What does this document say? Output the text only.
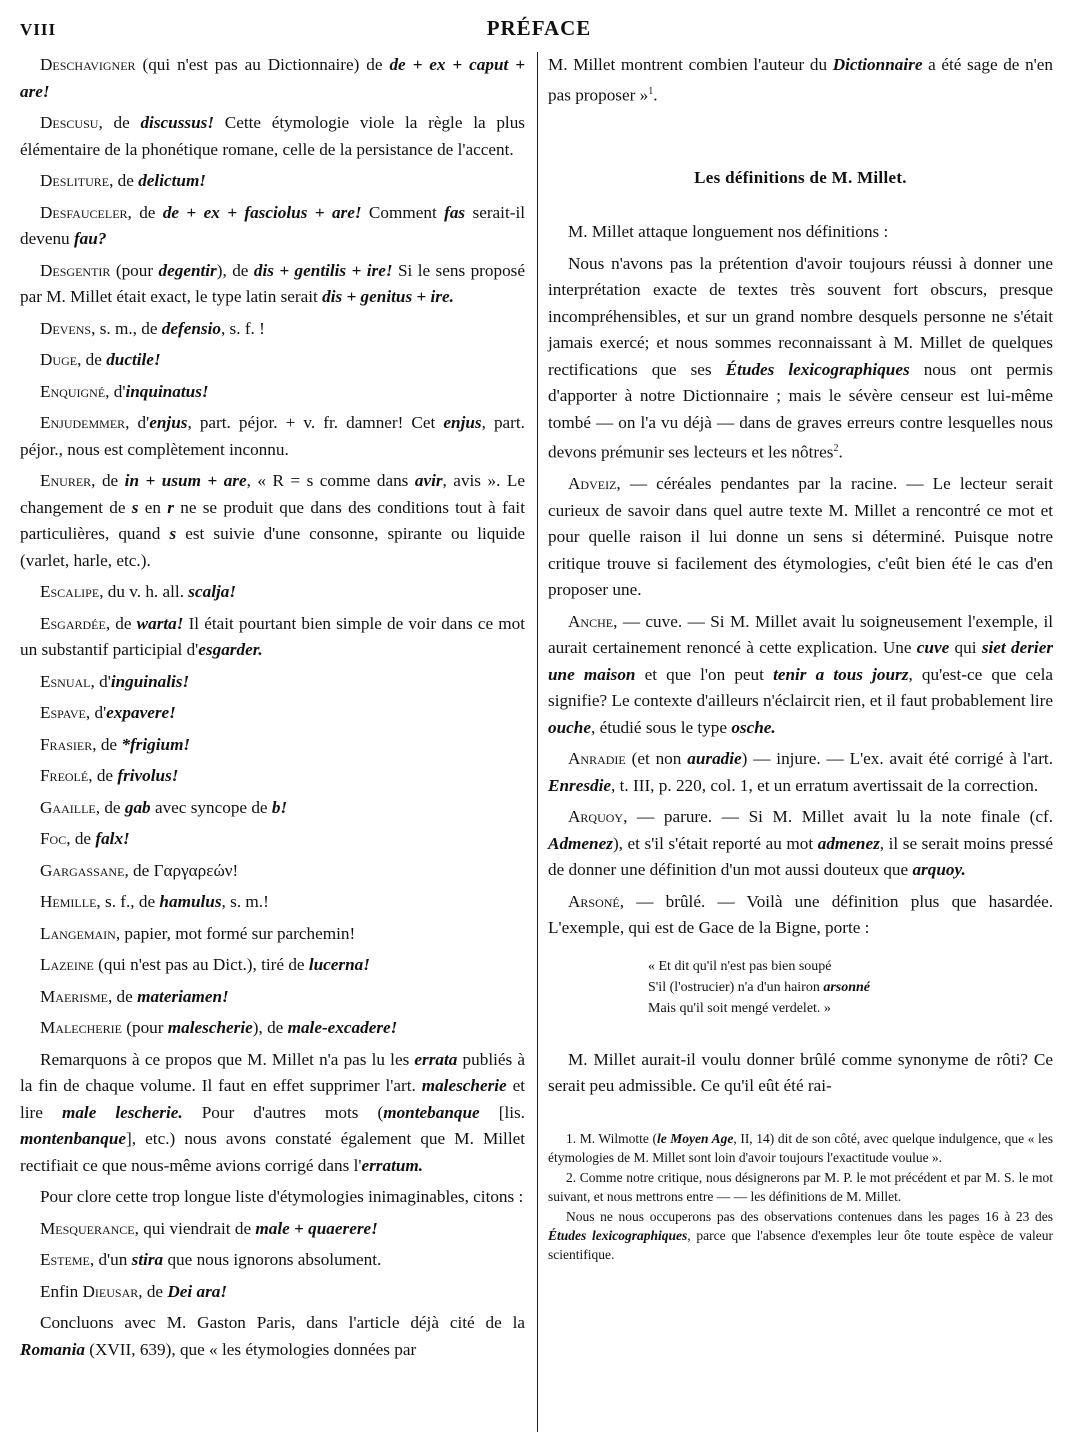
VIII	PRÉFACE

Deschavigner (qui n'est pas au Dictionnaire) de de + ex + caput + are!

Descusu, de discussus! Cette étymologie viole la règle la plus élémentaire de la phonétique romane, celle de la persistance de l'accent.

Desliture, de delictum!

Desfauceler, de de + ex + fasciolus + are! Comment fas serait-il devenu fau?

Desgentir (pour degentir), de dis + gentilis + ire! Si le sens proposé par M. Millet était exact, le type latin serait dis + genitus + ire.

Devens, s. m., de defensio, s. f. !

Duge, de ductile!

Enquigné, d'inquinatus!

Enjudemmer, d'enjus, part. péjor. + v. fr. damner! Cet enjus, part. péjor., nous est complètement inconnu.

Enurer, de in + usum + are, « R = s comme dans avir, avis ». Le changement de s en r ne se produit que dans des conditions tout à fait particulières, quand s est suivie d'une consonne, spirante ou liquide (varlet, harle, etc.).

Escalipe, du v. h. all. scalja!

Esgardée, de warta! Il était pourtant bien simple de voir dans ce mot un substantif participial d'esgarder.

Esnual, d'inguinalis!

Espave, d'expavere!

Frasier, de *frigium!

Freolé, de frivolus!

Gaaille, de gab avec syncope de b!

Foc, de falx!

Gargassane, de Γαργαρεών!

Hemille, s. f., de hamulus, s. m.!

Langemain, papier, mot formé sur parchemin!

Lazeine (qui n'est pas au Dict.), tiré de lucerna!

Maerisme, de materiamen!

Malecherie (pour malescherie), de male-excadere!

Remarquons à ce propos que M. Millet n'a pas lu les errata publiés à la fin de chaque volume. Il faut en effet supprimer l'art. malescherie et lire male lescherie. Pour d'autres mots (montebanque [lis. montenbanque], etc.) nous avons constaté également que M. Millet rectifiait ce que nous-même avions corrigé dans l'erratum.

Pour clore cette trop longue liste d'étymologies inimaginables, citons :

Mesquerance, qui viendrait de male + quaerere!

Esteme, d'un stira que nous ignorons absolument.

Enfin Dieusar, de Dei ara!

Concluons avec M. Gaston Paris, dans l'article déjà cité de la Romania (XVII, 639), que « les étymologies données par

M. Millet montrent combien l'auteur du Dictionnaire a été sage de n'en pas proposer »$^1$.

Les définitions de M. Millet.

M. Millet attaque longuement nos définitions :

Nous n'avons pas la prétention d'avoir toujours réussi à donner une interprétation exacte de textes très souvent fort obscurs, presque incompréhensibles, et sur un grand nombre desquels personne ne s'était jamais exercé; et nous sommes reconnaissant à M. Millet de quelques rectifications que ses Études lexicographiques nous ont permis d'apporter à notre Dictionnaire ; mais le sévère censeur est lui-même tombé — on l'a vu déjà — dans de graves erreurs contre lesquelles nous devons prémunir ses lecteurs et les nôtres$^2$.

Adveiz, — céréales pendantes par la racine. — Le lecteur serait curieux de savoir dans quel autre texte M. Millet a rencontré ce mot et pour quelle raison il lui donne un sens si déterminé. Puisque notre critique trouve si facilement des étymologies, c'eût bien été le cas d'en proposer une.

Anche, — cuve. — Si M. Millet avait lu soigneusement l'exemple, il aurait certainement renoncé à cette explication. Une cuve qui siet derier une maison et que l'on peut tenir a tous jourz, qu'est-ce que cela signifie? Le contexte d'ailleurs n'éclaircit rien, et il faut probablement lire ouche, étudié sous le type osche.

Anradie (et non auradie) — injure. — L'ex. avait été corrigé à l'art. Enresdie, t. III, p. 220, col. 1, et un erratum avertissait de la correction.

Arquoy, — parure. — Si M. Millet avait lu la note finale (cf. Admenez), et s'il s'était reporté au mot admenez, il se serait moins pressé de donner une définition d'un mot aussi douteux que arquoy.

Arsoné, — brûlé. — Voilà une définition plus que hasardée. L'exemple, qui est de Gace de la Bigne, porte :

« Et dit qu'il n'est pas bien soupé
S'il (l'ostrucier) n'a d'un hairon arsonné
Mais qu'il soit mengé verdelet. »

M. Millet aurait-il voulu donner brûlé comme synonyme de rôti? Ce serait peu admissible. Ce qu'il eût été rai-

1. M. Wilmotte (le Moyen Age, II, 14) dit de son côté, avec quelque indulgence, que « les étymologies de M. Millet sont loin d'avoir toujours l'exactitude voulue ».

2. Comme notre critique, nous désignerons par M. P. le mot précédent et par M. S. le mot suivant, et nous mettrons entre — — les définitions de M. Millet.

Nous ne nous occuperons pas des observations contenues dans les pages 16 à 23 des Études lexicographiques, parce que l'absence d'exemples leur ôte toute espèce de valeur scientifique.
